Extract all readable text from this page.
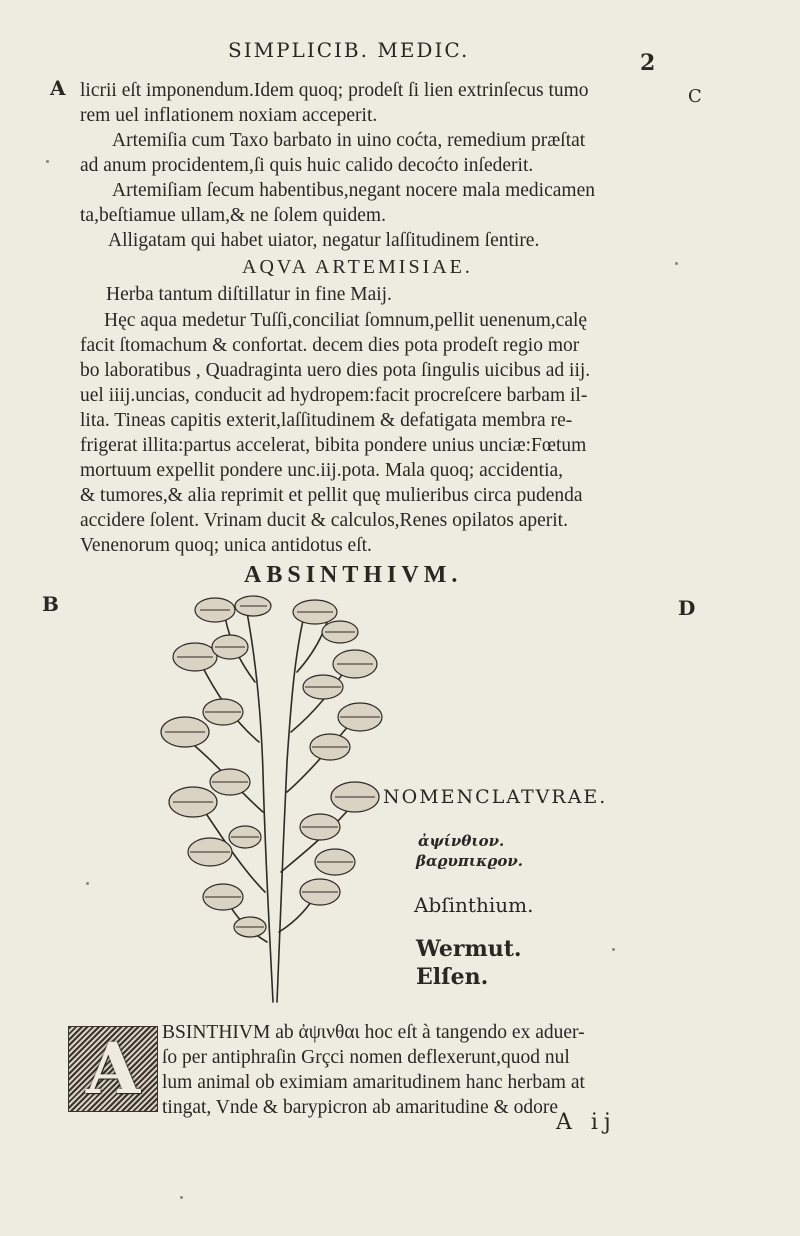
SIMPLICIB. MEDIC.	2
A	C
B	D
licrii eſt imponendum.Idem quoq; prodeſt ſi lien extrinſecus tumo
rem uel inflationem noxiam acceperit.
Artemiſia cum Taxo barbato in uino coćta, remedium præſtat
ad anum procidentem,ſi quis huic calido decoćto inſederit.
Artemiſiam ſecum habentibus,negant nocere mala medicamen
ta,beſtiamue ullam,& ne ſolem quidem.
Alligatam qui habet uiator, negatur laſſitudinem ſentire.
AQVA ARTEMISIAE.
Herba tantum diſtillatur in fine Maij.
Hęc aqua medetur Tuſſi,conciliat ſomnum,pellit uenenum,calę
facit ſtomachum & confortat. decem dies pota prodeſt regio mor
bo laboratibus , Quadraginta uero dies pota ſingulis uicibus ad iij.
uel iiij.uncias, conducit ad hydropem:facit procreſcere barbam il-
lita. Tineas capitis exterit,laſſitudinem & defatigata membra re-
frigerat illita:partus accelerat, bibita pondere unius unciæ:Fœtum
mortuum expellit pondere unc.iij.pota. Mala quoq; accidentia,
& tumores,& alia reprimit et pellit quę mulieribus circa pudenda
accidere ſolent. Vrinam ducit & calculos,Renes opilatos aperit.
Venenorum quoq; unica antidotus eſt.
ABSINTHIVM.
NOMENCLATVRAE.
ἀψίνθιον.
βαϱυπικϱον.
Abſinthium.
Wermut.
Elſen.
A	BSINTHIVM ab ἀψινθαι hoc eſt à tangendo ex aduer-
ſo per antiphraſin Grçci nomen deflexerunt,quod nul
lum animal ob eximiam amaritudinem hanc herbam at
tingat, Vnde & barypicron ab amaritudine & odore
A ij
